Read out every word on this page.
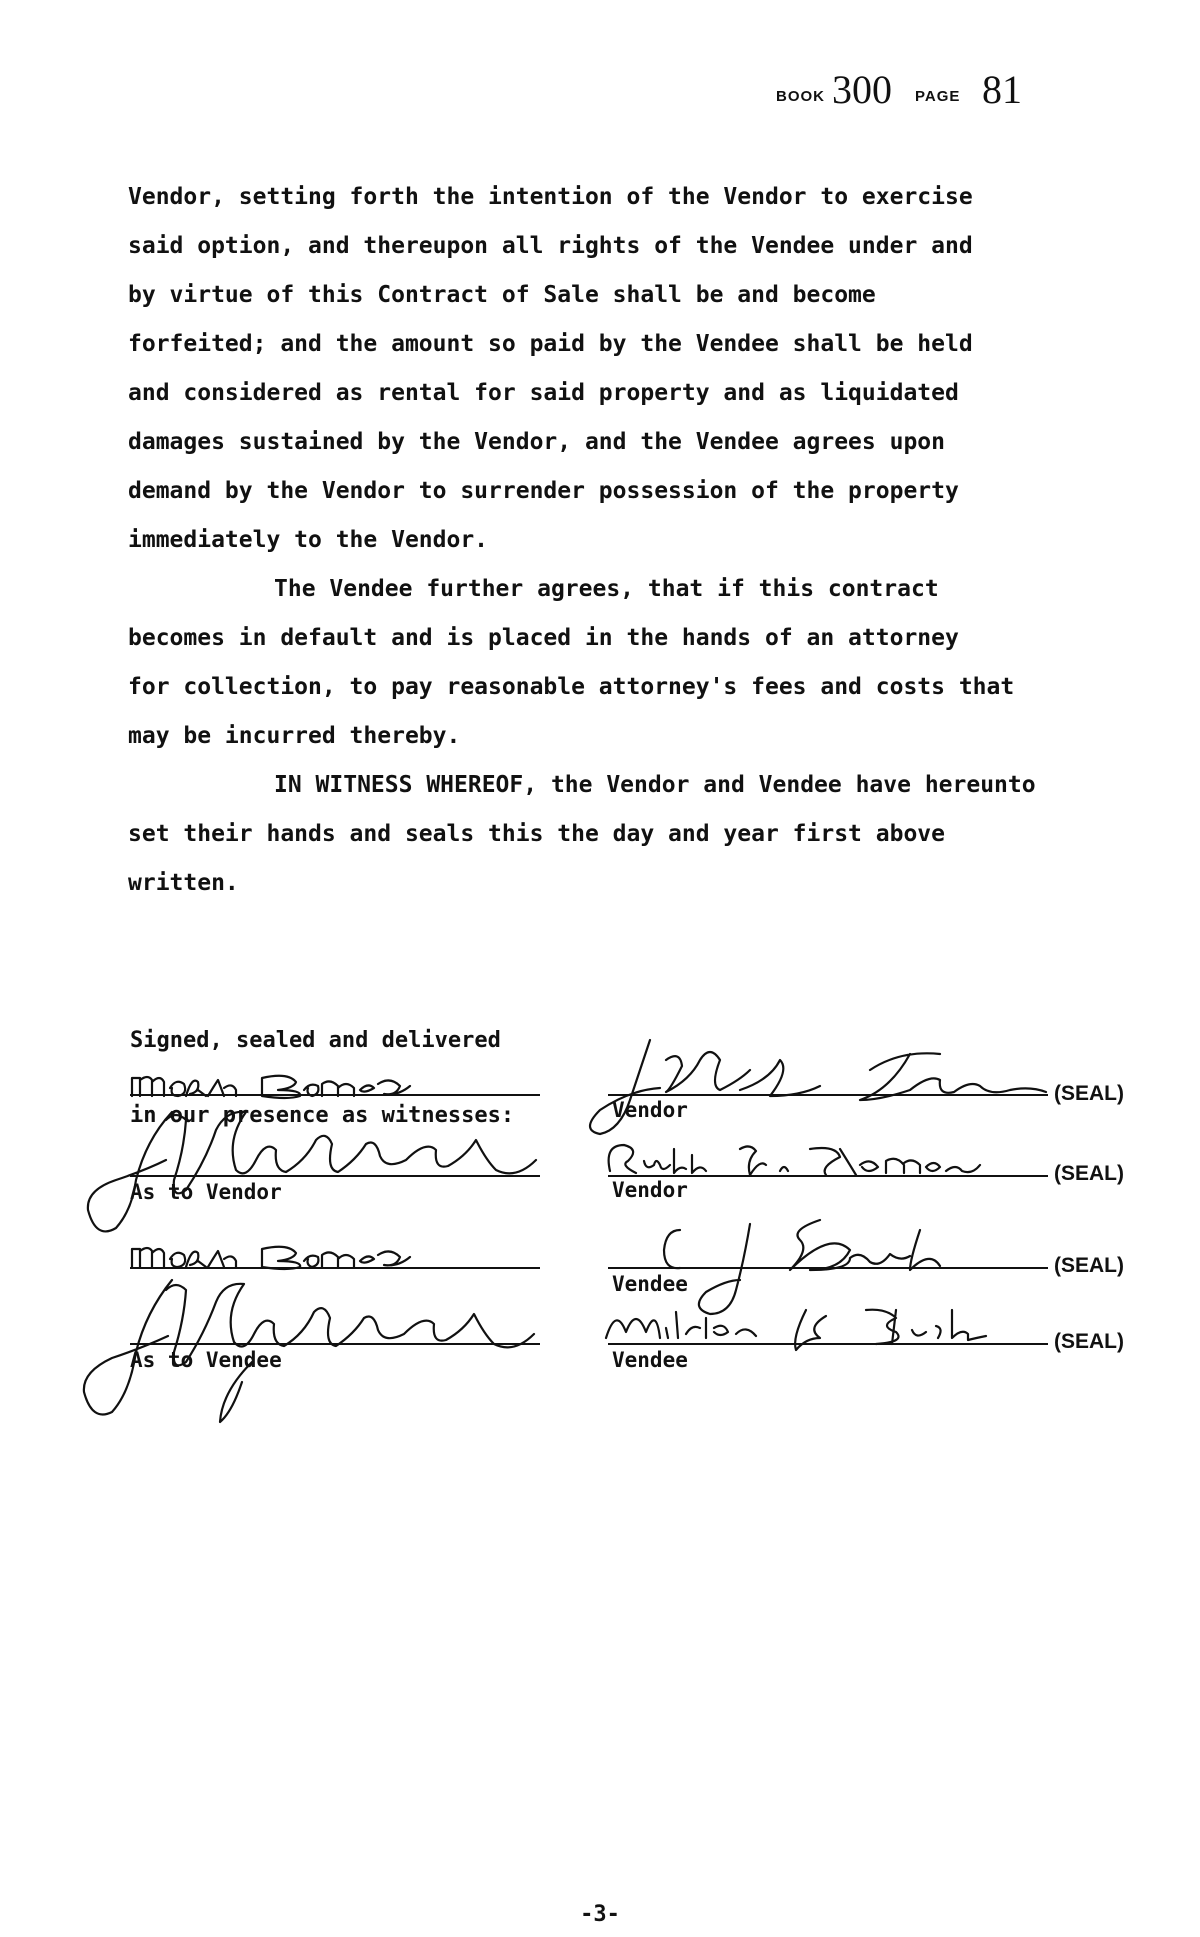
BOOK 300 PAGE 81

Vendor, setting forth the intention of the Vendor to exercise
said option, and thereupon all rights of the Vendee under and
by virtue of this Contract of Sale shall be and become
forfeited; and the amount so paid by the Vendee shall be held
and considered as rental for said property and as liquidated
damages sustained by the Vendor, and the Vendee agrees upon
demand by the Vendor to surrender possession of the property
immediately to the Vendor.

The Vendee further agrees, that if this contract
becomes in default and is placed in the hands of an attorney
for collection, to pay reasonable attorney's fees and costs that
may be incurred thereby.

IN WITNESS WHEREOF, the Vendor and Vendee have hereunto
set their hands and seals this the day and year first above
written.

Signed, sealed and delivered

in our presence as witnesses:

As to Vendor
As to Vendee
Vendor
(SEAL)
Vendor
(SEAL)
Vendee
(SEAL)
Vendee
(SEAL)
-3-
